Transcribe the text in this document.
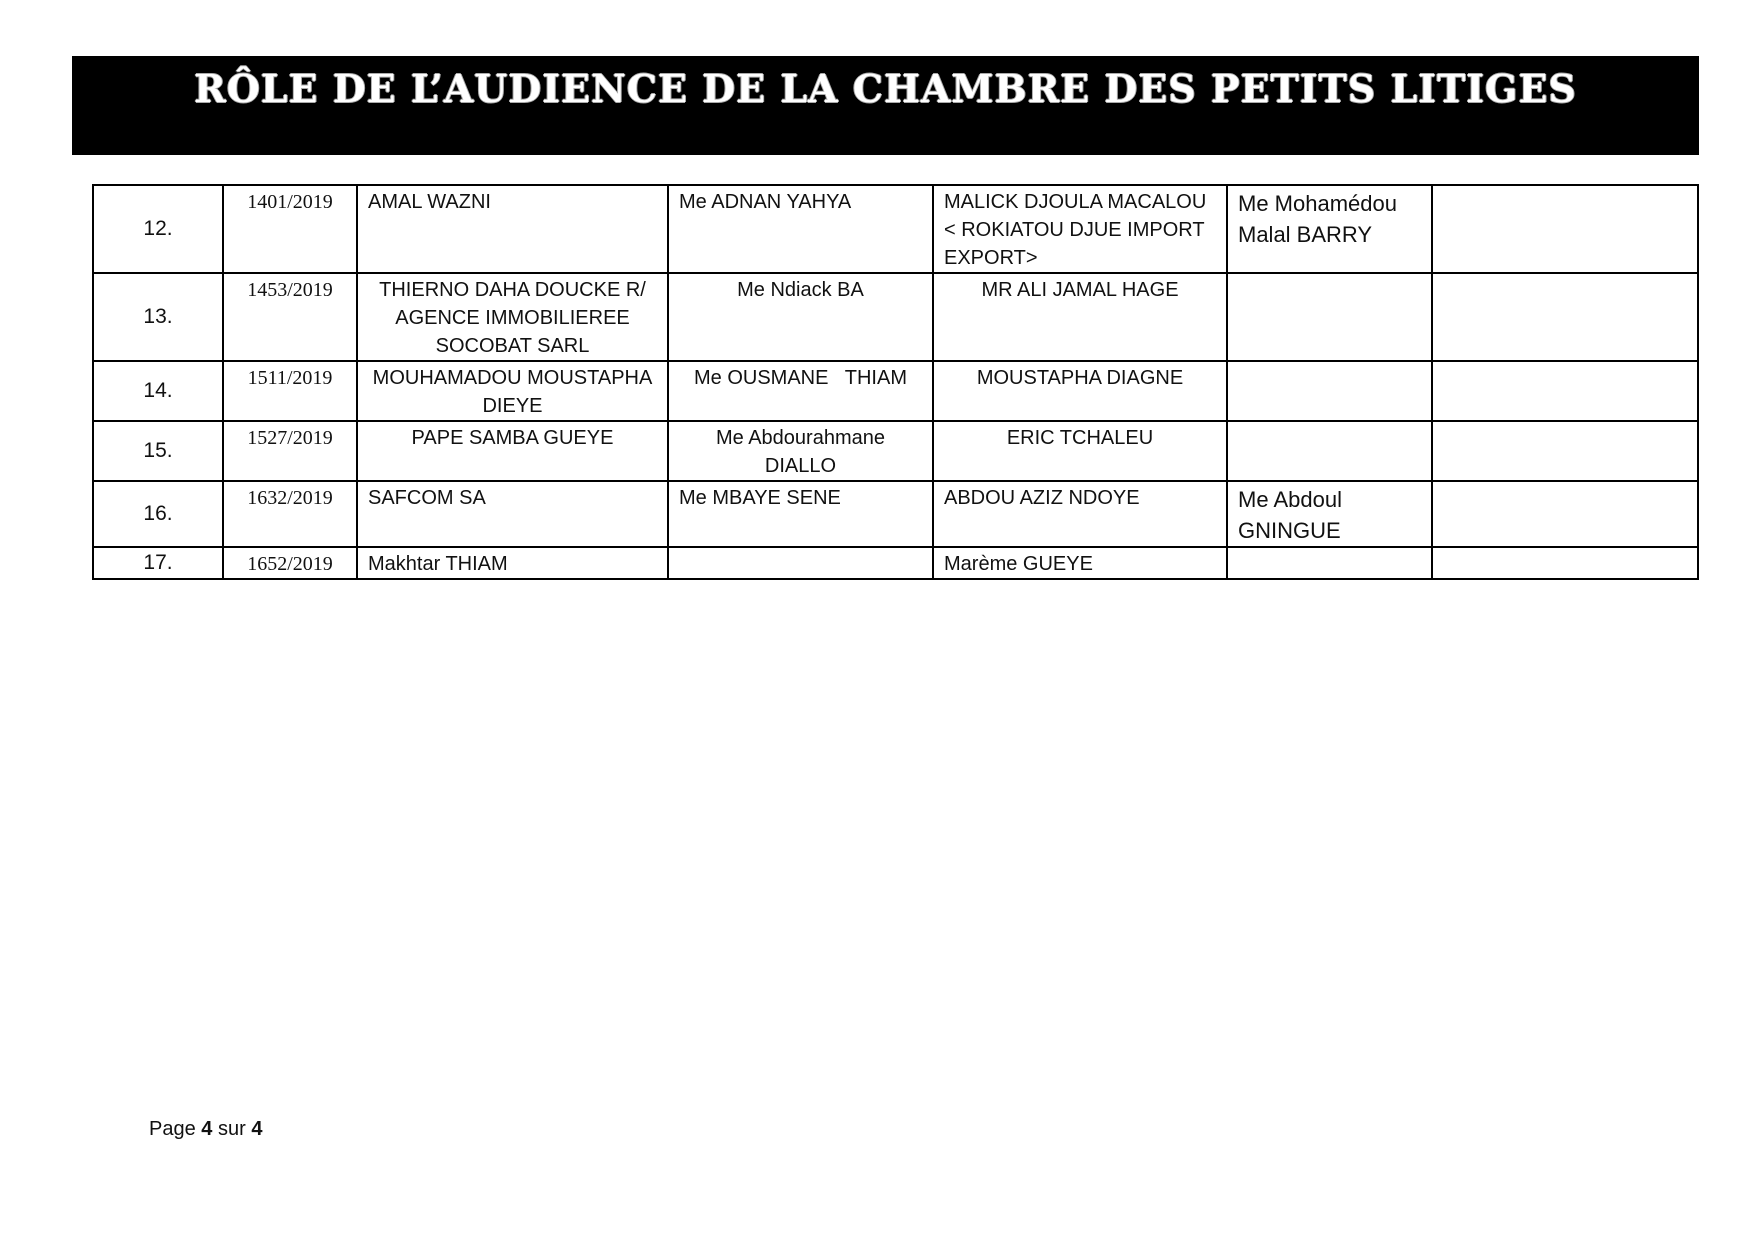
RÔLE DE L’AUDIENCE DE LA CHAMBRE DES PETITS LITIGES
12.	1401/2019	AMAL WAZNI	Me ADNAN YAHYA	MALICK DJOULA MACALOU < ROKIATOU DJUE IMPORT EXPORT>	Me Mohamédou Malal BARRY	
13.	1453/2019	THIERNO DAHA DOUCKE R/ AGENCE IMMOBILIEREE SOCOBAT SARL	Me Ndiack BA	MR ALI JAMAL HAGE		
14.	1511/2019	MOUHAMADOU MOUSTAPHA DIEYE	Me OUSMANE   THIAM	MOUSTAPHA DIAGNE		
15.	1527/2019	PAPE SAMBA GUEYE	Me Abdourahmane DIALLO	ERIC TCHALEU		
16.	1632/2019	SAFCOM SA	Me MBAYE SENE	ABDOU AZIZ NDOYE	Me Abdoul GNINGUE	
17.	1652/2019	Makhtar THIAM		Marème GUEYE		
Page 4 sur 4
